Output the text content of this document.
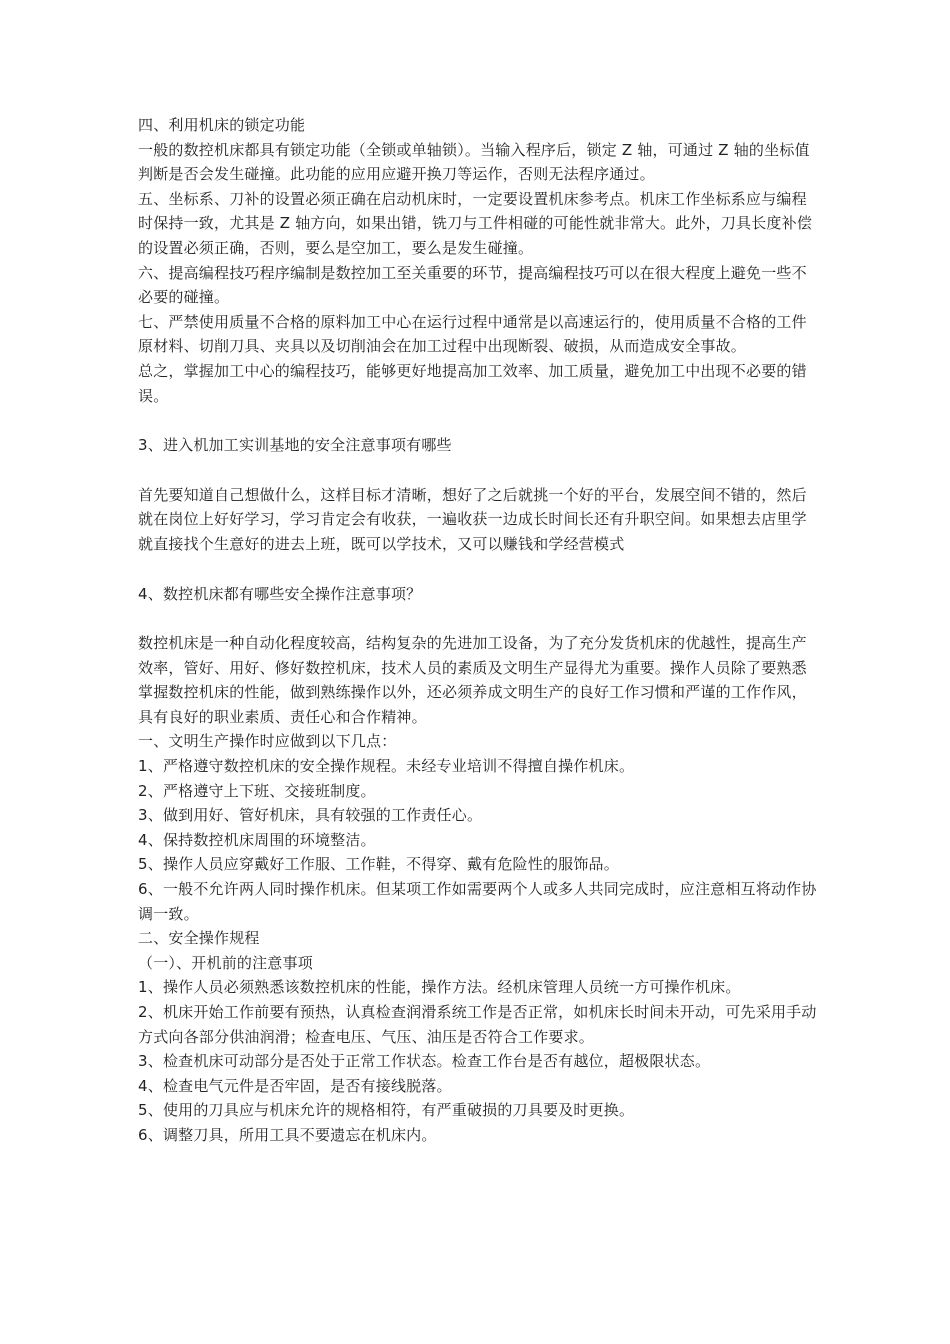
四、利用机床的锁定功能

一般的数控机床都具有锁定功能（全锁或单轴锁）。当输入程序后，锁定 Z 轴，可通过 Z 轴的坐标值判断是否会发生碰撞。此功能的应用应避开换刀等运作，否则无法程序通过。

五、坐标系、刀补的设置必须正确在启动机床时，一定要设置机床参考点。机床工作坐标系应与编程时保持一致，尤其是 Z 轴方向，如果出错，铣刀与工件相碰的可能性就非常大。此外，刀具长度补偿的设置必须正确，否则，要么是空加工，要么是发生碰撞。

六、提高编程技巧程序编制是数控加工至关重要的环节，提高编程技巧可以在很大程度上避免一些不必要的碰撞。

七、严禁使用质量不合格的原料加工中心在运行过程中通常是以高速运行的，使用质量不合格的工件原材料、切削刀具、夹具以及切削油会在加工过程中出现断裂、破损，从而造成安全事故。

总之，掌握加工中心的编程技巧，能够更好地提高加工效率、加工质量，避免加工中出现不必要的错误。

3、进入机加工实训基地的安全注意事项有哪些

首先要知道自己想做什么，这样目标才清晰，想好了之后就挑一个好的平台，发展空间不错的，然后就在岗位上好好学习，学习肯定会有收获，一遍收获一边成长时间长还有升职空间。如果想去店里学就直接找个生意好的进去上班，既可以学技术，又可以赚钱和学经营模式

4、数控机床都有哪些安全操作注意事项？

数控机床是一种自动化程度较高，结构复杂的先进加工设备，为了充分发货机床的优越性，提高生产效率，管好、用好、修好数控机床，技术人员的素质及文明生产显得尤为重要。操作人员除了要熟悉掌握数控机床的性能，做到熟练操作以外，还必须养成文明生产的良好工作习惯和严谨的工作作风，具有良好的职业素质、责任心和合作精神。

一、文明生产操作时应做到以下几点：

1、严格遵守数控机床的安全操作规程。未经专业培训不得擅自操作机床。

2、严格遵守上下班、交接班制度。

3、做到用好、管好机床，具有较强的工作责任心。

4、保持数控机床周围的环境整洁。

5、操作人员应穿戴好工作服、工作鞋，不得穿、戴有危险性的服饰品。

6、一般不允许两人同时操作机床。但某项工作如需要两个人或多人共同完成时，应注意相互将动作协调一致。

二、安全操作规程

（一）、开机前的注意事项

1、操作人员必须熟悉该数控机床的性能，操作方法。经机床管理人员统一方可操作机床。

2、机床开始工作前要有预热，认真检查润滑系统工作是否正常，如机床长时间未开动，可先采用手动方式向各部分供油润滑；检查电压、气压、油压是否符合工作要求。

3、检查机床可动部分是否处于正常工作状态。检查工作台是否有越位，超极限状态。

4、检查电气元件是否牢固，是否有接线脱落。

5、使用的刀具应与机床允许的规格相符，有严重破损的刀具要及时更换。

6、调整刀具，所用工具不要遗忘在机床内。
